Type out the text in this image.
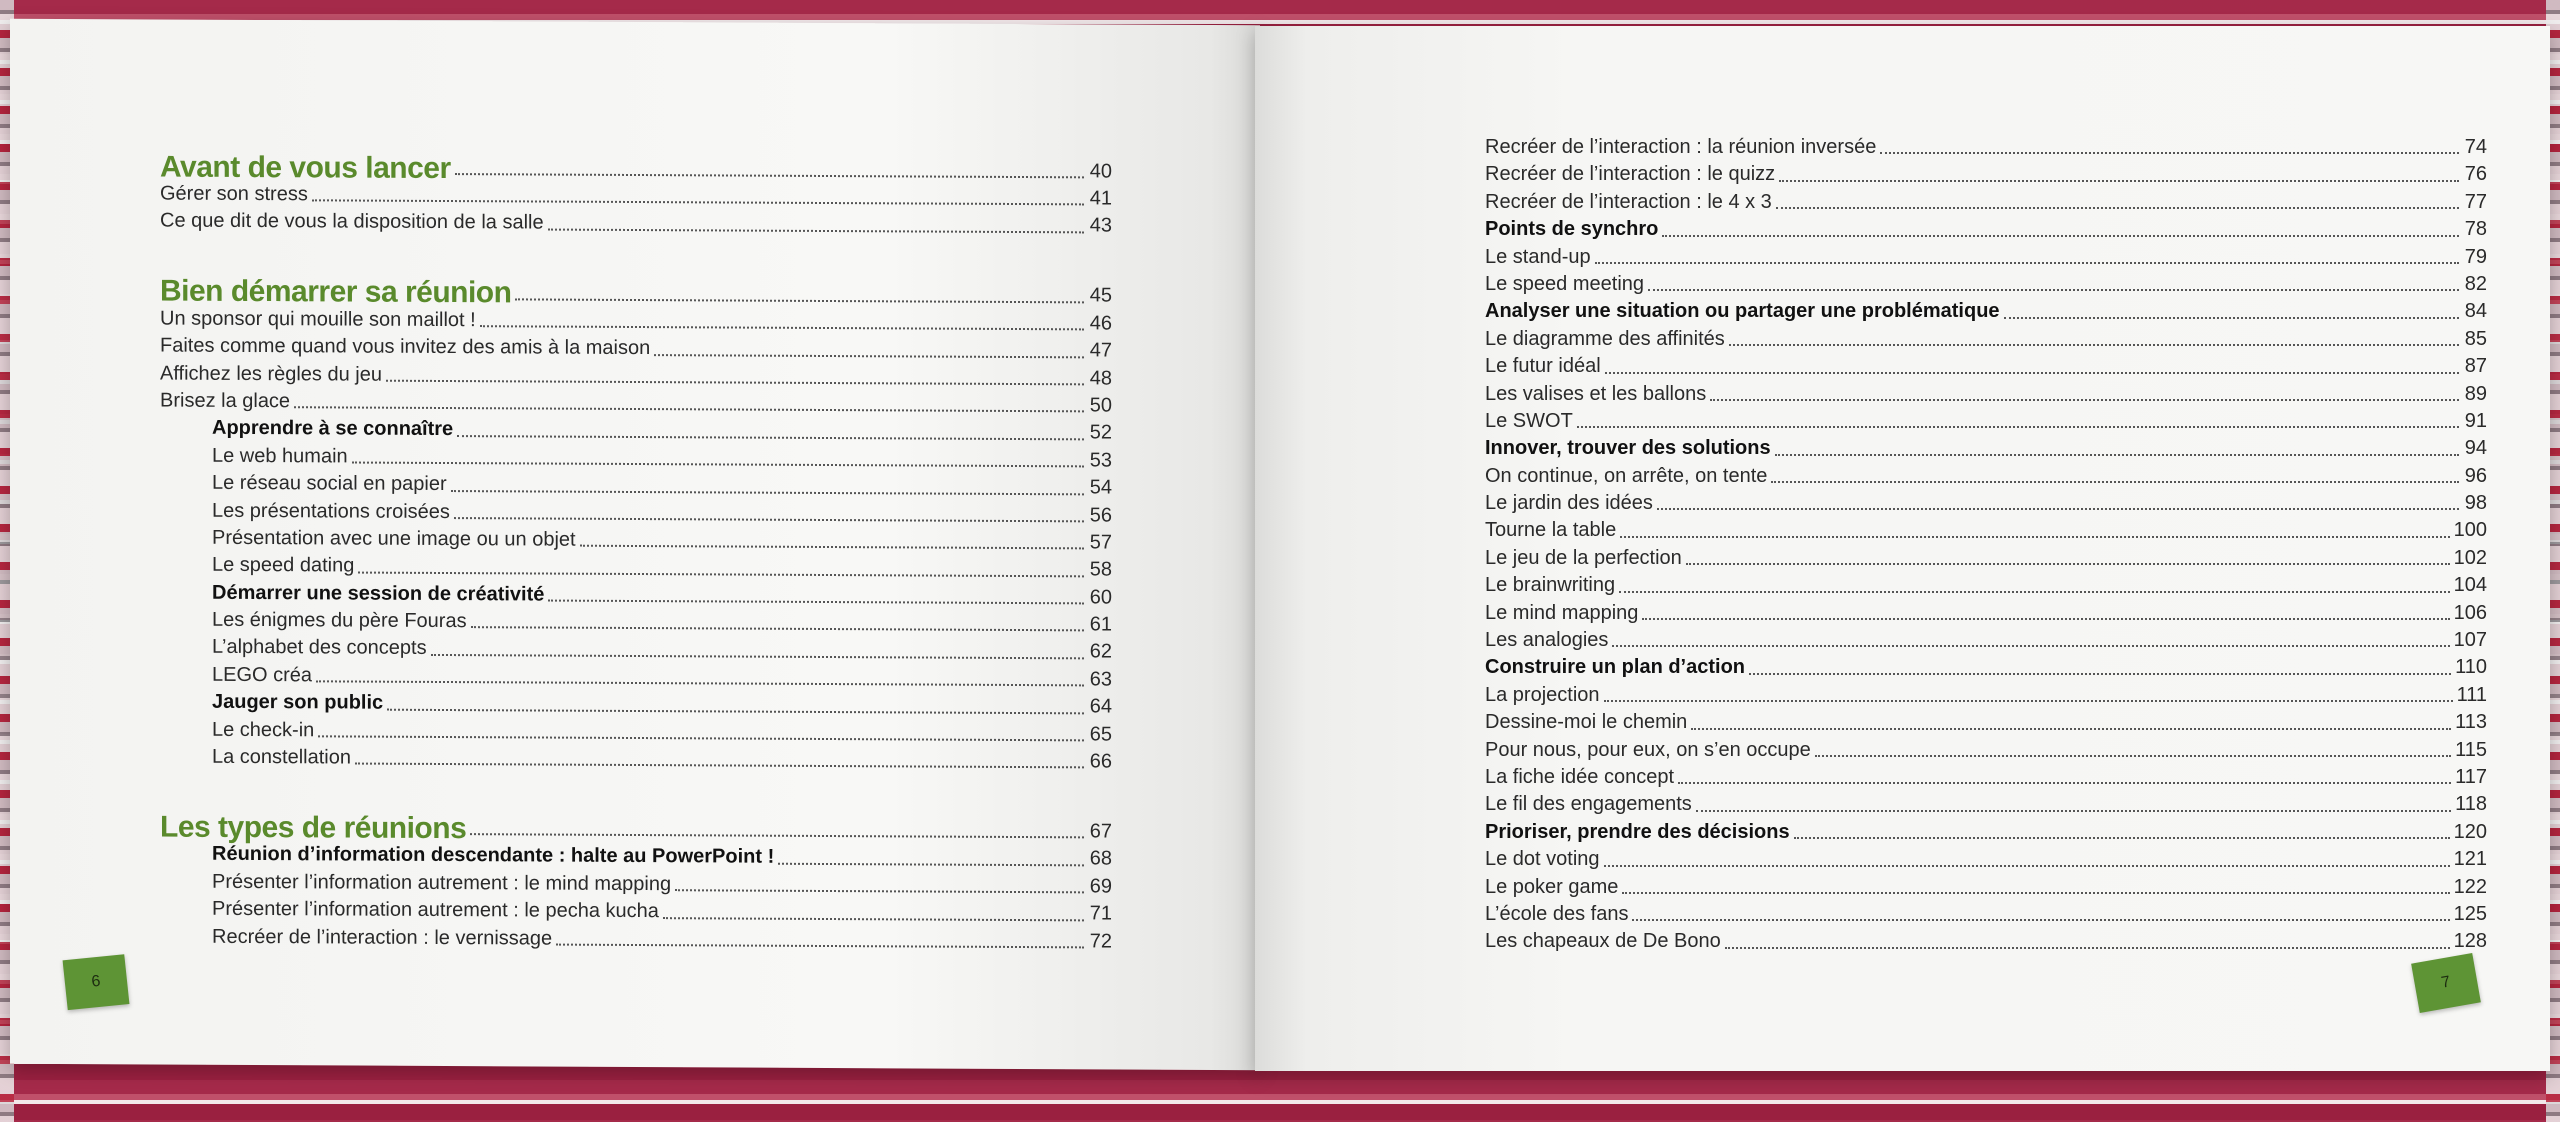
Avant de vous lancer	40
Gérer son stress	41
Ce que dit de vous la disposition de la salle	43
Bien démarrer sa réunion	45
Un sponsor qui mouille son maillot !	46
Faites comme quand vous invitez des amis à la maison	47
Affichez les règles du jeu	48
Brisez la glace	50
Apprendre à se connaître	52
Le web humain	53
Le réseau social en papier	54
Les présentations croisées	56
Présentation avec une image ou un objet	57
Le speed dating	58
Démarrer une session de créativité	60
Les énigmes du père Fouras	61
L’alphabet des concepts	62
LEGO créa	63
Jauger son public	64
Le check-in	65
La constellation	66
Les types de réunions	67
Réunion d’information descendante : halte au PowerPoint !	68
Présenter l’information autrement : le mind mapping	69
Présenter l’information autrement : le pecha kucha	71
Recréer de l’interaction : le vernissage	72
6
Recréer de l’interaction : la réunion inversée	74
Recréer de l’interaction : le quizz	76
Recréer de l’interaction : le 4 x 3	77
Points de synchro	78
Le stand-up	79
Le speed meeting	82
Analyser une situation ou partager une problématique	84
Le diagramme des affinités	85
Le futur idéal	87
Les valises et les ballons	89
Le SWOT	91
Innover, trouver des solutions	94
On continue, on arrête, on tente	96
Le jardin des idées	98
Tourne la table	100
Le jeu de la perfection	102
Le brainwriting	104
Le mind mapping	106
Les analogies	107
Construire un plan d’action	110
La projection	111
Dessine-moi le chemin	113
Pour nous, pour eux, on s’en occupe	115
La fiche idée concept	117
Le fil des engagements	118
Prioriser, prendre des décisions	120
Le dot voting	121
Le poker game	122
L’école des fans	125
Les chapeaux de De Bono	128
7
